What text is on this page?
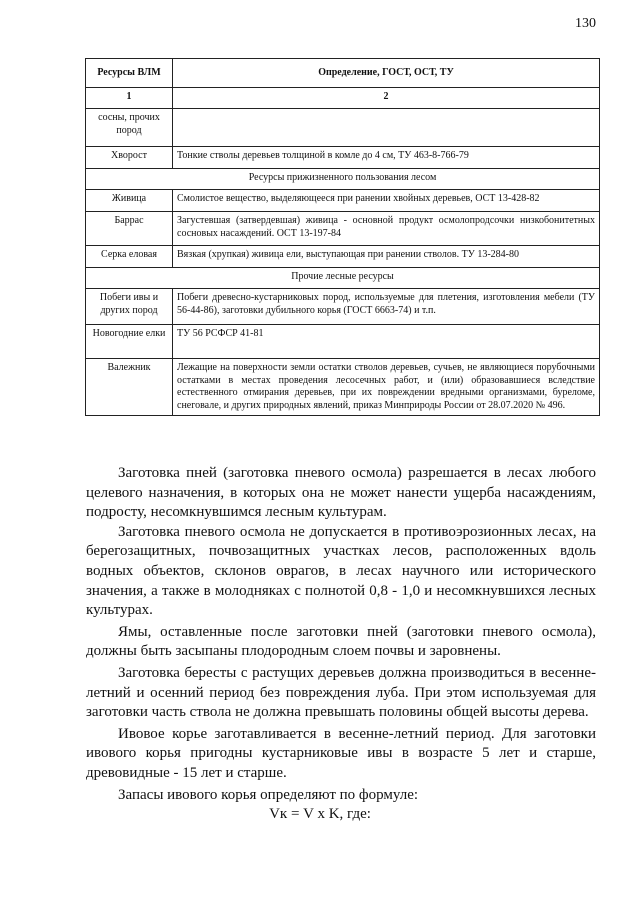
130
Ресурсы ВЛМ	Определение, ГОСТ, ОСТ, ТУ
1	2
сосны, прочих пород	
Хворост	Тонкие стволы деревьев толщиной в комле до 4 см, ТУ 463-8-766-79
Ресурсы прижизненного пользования лесом	
Живица	Смолистое вещество, выделяющееся при ранении хвойных деревьев, ОСТ 13-428-82
Баррас	Загустевшая (затвердевшая) живица - основной продукт осмолопродсочки низкобонитетных сосновых насаждений. ОСТ 13-197-84
Серка еловая	Вязкая (хрупкая) живица ели, выступающая при ранении стволов. ТУ 13-284-80
Прочие лесные ресурсы	
Побеги ивы и других пород	Побеги древесно-кустарниковых пород, используемые для плетения, изготовления мебели (ТУ 56-44-86), заготовки дубильного корья (ГОСТ 6663-74) и т.п.
Новогодние елки	ТУ 56 РСФСР 41-81
Валежник	Лежащие на поверхности земли остатки стволов деревьев, сучьев, не являющиеся порубочными остатками в местах проведения лесосечных работ, и (или) образовавшиеся вследствие естественного отмирания деревьев, при их повреждении вредными организмами, буреломе, снеговале, и других природных явлений, приказ Минприроды России от 28.07.2020 № 496.

Заготовка пней (заготовка пневого осмола) разрешается в лесах любого целевого назначения, в которых она не может нанести ущерба насаждениям, подросту, несомкнувшимся лесным культурам.

Заготовка пневого осмола не допускается в противоэрозионных лесах, на берегозащитных, почвозащитных участках лесов, расположенных вдоль водных объектов, склонов оврагов, в лесах научного или исторического значения, а также в молодняках с полнотой 0,8 - 1,0 и несомкнувшихся лесных культурах.

Ямы, оставленные после заготовки пней (заготовки пневого осмола), должны быть засыпаны плодородным слоем почвы и заровнены.

Заготовка бересты с растущих деревьев должна производиться в весенне-летний и осенний период без повреждения луба. При этом используемая для заготовки часть ствола не должна превышать половины общей высоты дерева.

Ивовое корье заготавливается в весенне-летний период. Для заготовки ивового корья пригодны кустарниковые ивы в возрасте 5 лет и старше, древовидные - 15 лет и старше.

Запасы ивового корья определяют по формуле:

Vк = V x K, где:
